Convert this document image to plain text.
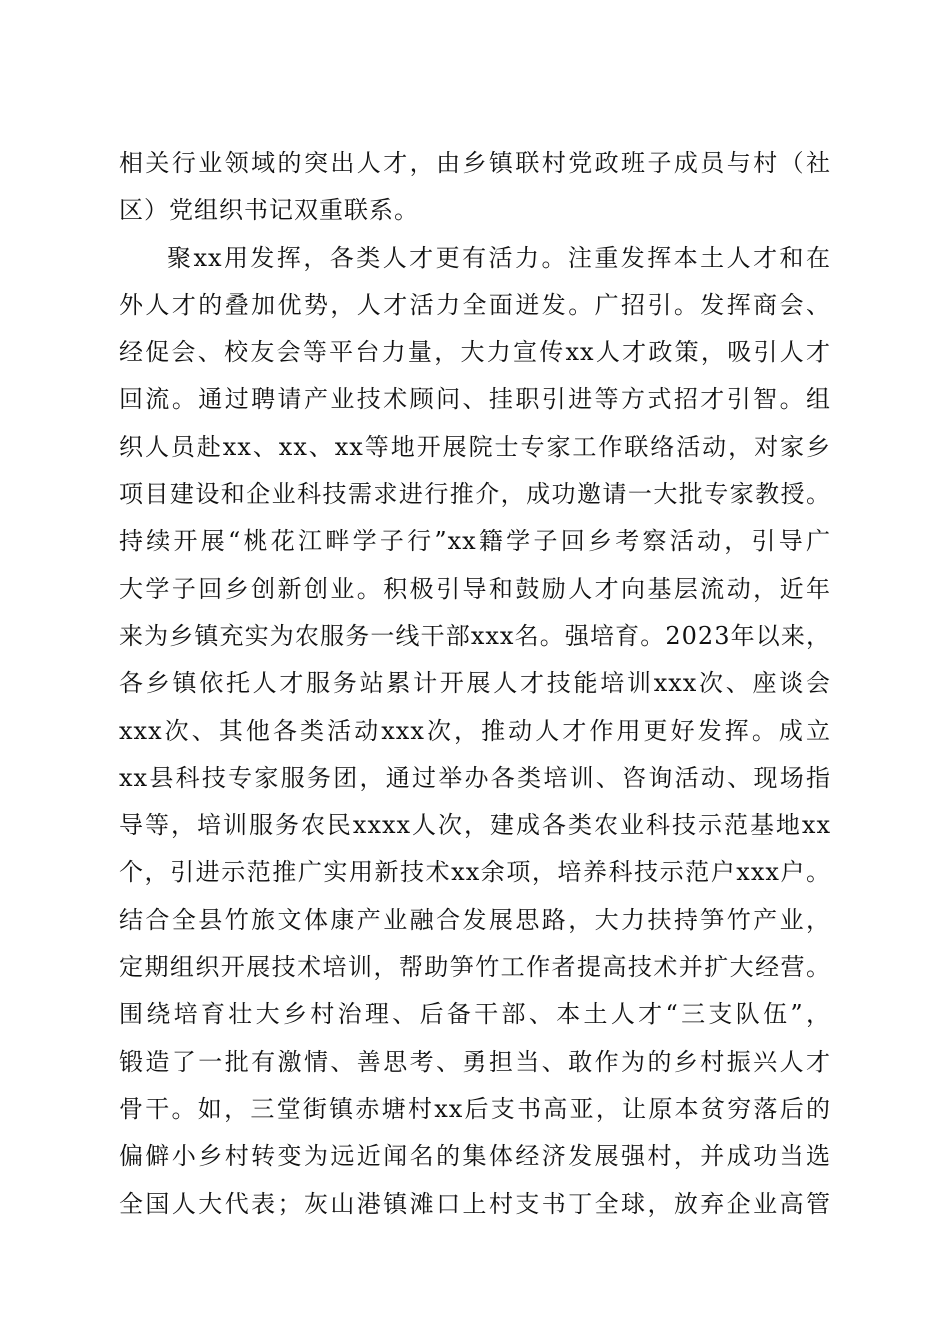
相关行业领域的突出人才，由乡镇联村党政班子成员与村（社
区）党组织书记双重联系。
聚xx用发挥，各类人才更有活力。注重发挥本土人才和在
外人才的叠加优势，人才活力全面迸发。广招引。发挥商会、
经促会、校友会等平台力量，大力宣传xx人才政策，吸引人才
回流。通过聘请产业技术顾问、挂职引进等方式招才引智。组
织人员赴xx、xx、xx等地开展院士专家工作联络活动，对家乡
项目建设和企业科技需求进行推介，成功邀请一大批专家教授。
持续开展“桃花江畔学子行”xx籍学子回乡考察活动，引导广
大学子回乡创新创业。积极引导和鼓励人才向基层流动，近年
来为乡镇充实为农服务一线干部xxx名。强培育。2023年以来，
各乡镇依托人才服务站累计开展人才技能培训xxx次、座谈会
xxx次、其他各类活动xxx次，推动人才作用更好发挥。成立
xx县科技专家服务团，通过举办各类培训、咨询活动、现场指
导等，培训服务农民xxxx人次，建成各类农业科技示范基地xx
个，引进示范推广实用新技术xx余项，培养科技示范户xxx户。
结合全县竹旅文体康产业融合发展思路，大力扶持笋竹产业，
定期组织开展技术培训，帮助笋竹工作者提高技术并扩大经营。
围绕培育壮大乡村治理、后备干部、本土人才“三支队伍”，
锻造了一批有激情、善思考、勇担当、敢作为的乡村振兴人才
骨干。如，三堂街镇赤塘村xx后支书高亚，让原本贫穷落后的
偏僻小乡村转变为远近闻名的集体经济发展强村，并成功当选
全国人大代表；灰山港镇滩口上村支书丁全球，放弃企业高管
